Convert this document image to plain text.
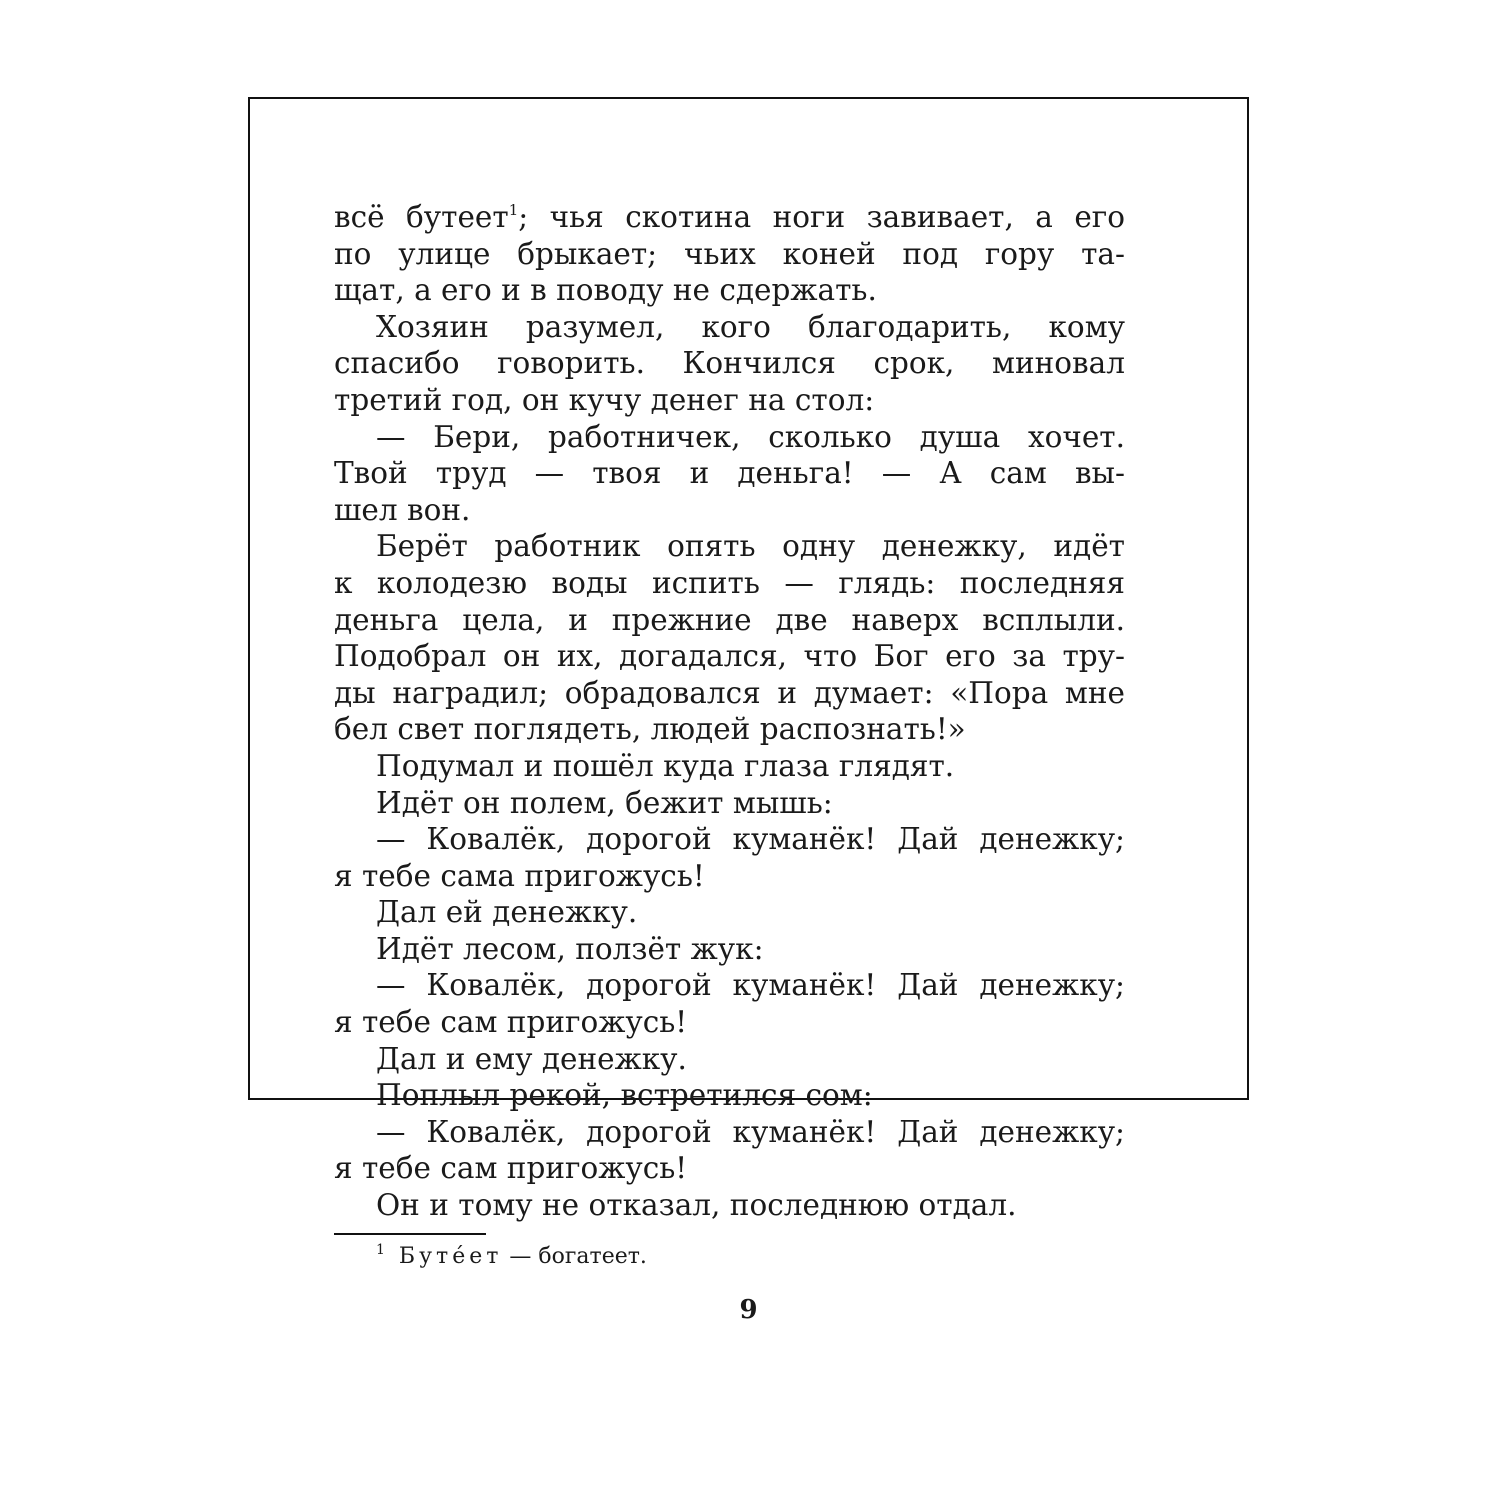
всё бутеет$^1$; чья скотина ноги завивает, а его
по улице брыкает; чьих коней под гору та-
щат, а его и в поводу не сдержать.
Хозяин разумел, кого благодарить, кому
спасибо говорить. Кончился срок, миновал
третий год, он кучу денег на стол:
— Бери, работничек, сколько душа хочет.
Твой труд — твоя и деньга! — А сам вы-
шел вон.
Берёт работник опять одну денежку, идёт
к колодезю воды испить — глядь: последняя
деньга цела, и прежние две наверх всплыли.
Подобрал он их, догадался, что Бог его за тру-
ды наградил; обрадовался и думает: «Пора мне
бел свет поглядеть, людей распознать!»
Подумал и пошёл куда глаза глядят.
Идёт он полем, бежит мышь:
— Ковалёк, дорогой куманёк! Дай денежку;
я тебе сама пригожусь!
Дал ей денежку.
Идёт лесом, ползёт жук:
— Ковалёк, дорогой куманёк! Дай денежку;
я тебе сам пригожусь!
Дал и ему денежку.
Поплыл рекой, встретился сом:
— Ковалёк, дорогой куманёк! Дай денежку;
я тебе сам пригожусь!
Он и тому не отказал, последнюю отдал.
$^1$ Бутéет — богатеет.
9
